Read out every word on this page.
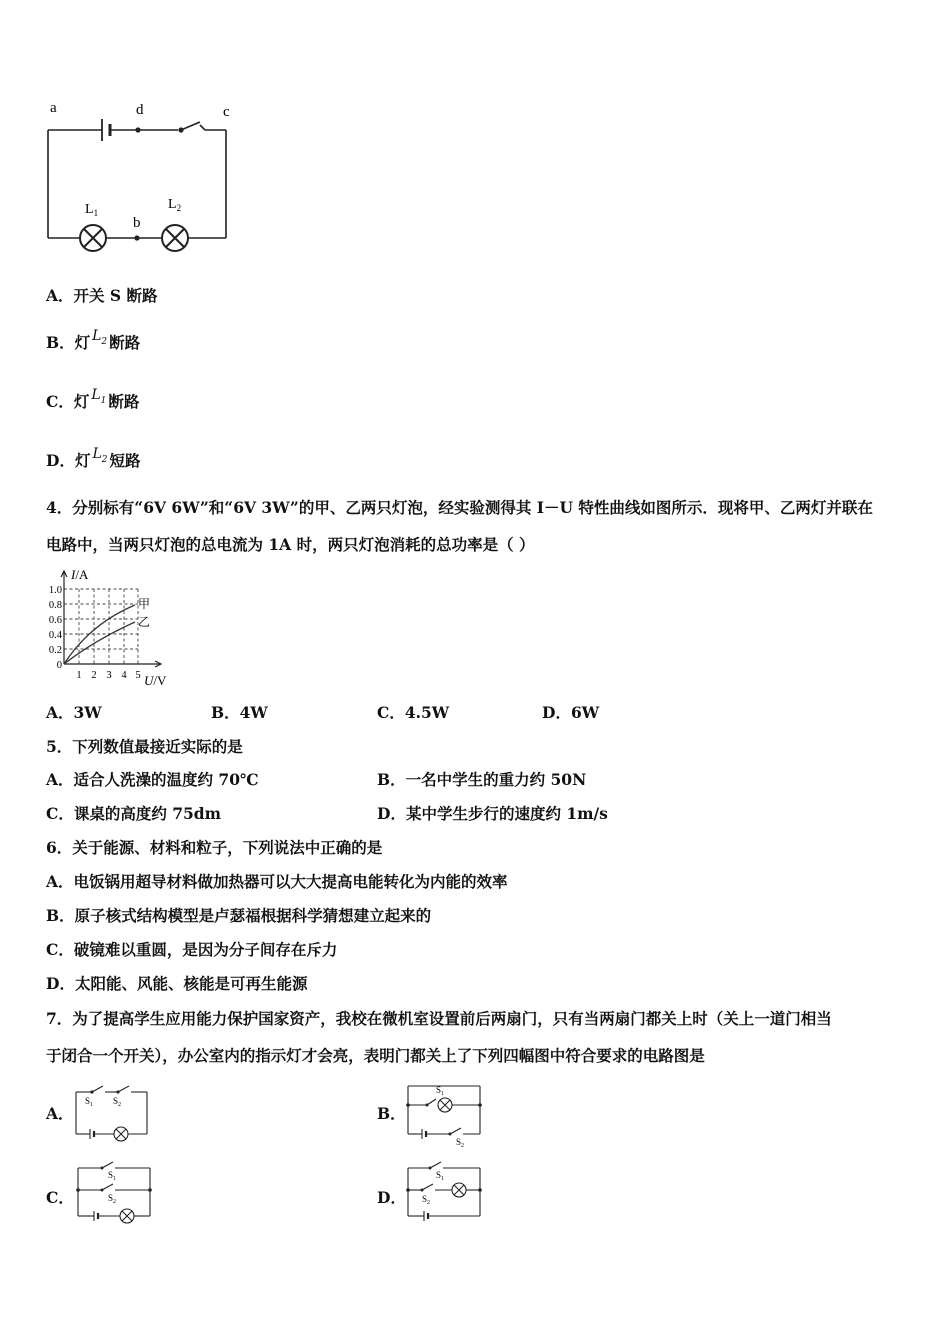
a	d	c
b
$L_1$
$L_2$
A．开关 S 断路
B．灯 $L_2$ 断路
C．灯 $L_1$ 断路
D．灯 $L_2$ 短路
4．分别标有“6V 6W”和“6V 3W”的甲、乙两只灯泡，经实验测得其 I－U 特性曲线如图所示．现将甲、乙两灯并联在
电路中，当两只灯泡的总电流为 1A 时，两只灯泡消耗的总功率是（ ）
I/A
U/V
1.0
0.8
0.6
0.4
0.2
0
1 2 3 4 5
甲
乙
A．3W	B．4W	C．4.5W	D．6W
5．下列数值最接近实际的是
A．适合人洗澡的温度约 70℃	B．一名中学生的重力约 50N
C．课桌的高度约 75dm	D．某中学生步行的速度约 1m/s
6．关于能源、材料和粒子，下列说法中正确的是
A．电饭锅用超导材料做加热器可以大大提高电能转化为内能的效率
B．原子核式结构模型是卢瑟福根据科学猜想建立起来的
C．破镜难以重圆，是因为分子间存在斥力
D．太阳能、风能、核能是可再生能源
7．为了提高学生应用能力保护国家资产，我校在微机室设置前后两扇门，只有当两扇门都关上时（关上一道门相当
于闭合一个开关），办公室内的指示灯才会亮，表明门都关上了下列四幅图中符合要求的电路图是
A．	B．
C．	D．
$S_1$ $S_2$
$S_1$
$S_2$
$S_1$
$S_2$
$S_1$
$S_2$
